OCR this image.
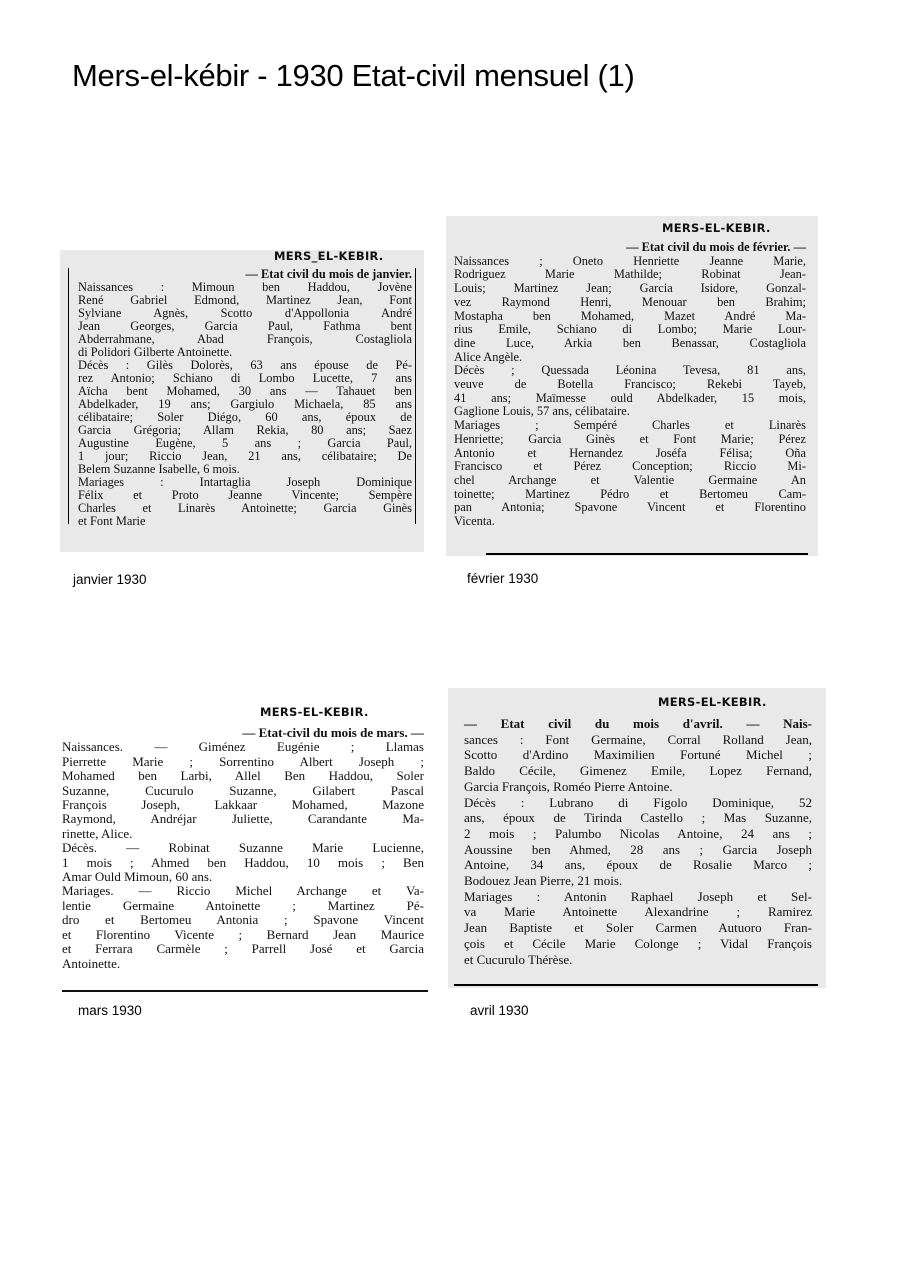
Mers-el-kébir - 1930 Etat-civil mensuel (1)
MERS_EL-KEBIR.
— Etat civil du mois de janvier.
Naissances : Mimoun ben Haddou, Jovène
René Gabriel Edmond, Martinez Jean, Font
Sylviane Agnès, Scotto d'Appollonia André
Jean Georges, Garcia Paul, Fathma bent
Abderrahmane, Abad François, Costagliola
di Polidori Gilberte Antoinette.
Décès : Gilès Dolorès, 63 ans épouse de Pé-
rez Antonio; Schiano di Lombo Lucette, 7 ans
Aïcha bent Mohamed, 30 ans — Tahauet ben
Abdelkader, 19 ans; Gargiulo Michaela, 85 ans
célibataire; Soler Diégo, 60 ans, époux de
Garcia Grégoria; Allam Rekia, 80 ans; Saez
Augustine Eugène, 5 ans ; Garcia Paul,
1 jour; Riccio Jean, 21 ans, célibataire; De
Belem Suzanne Isabelle, 6 mois.
Mariages : Intartaglia Joseph Dominique
Félix et Proto Jeanne Vincente; Sempère
Charles et Linarès Antoinette; Garcia Ginès
et Font Marie
janvier 1930
MERS-EL-KEBIR.
— Etat civil du mois de février. —
Naissances ; Oneto Henriette Jeanne Marie,
Rodriguez Marie Mathilde; Robinat Jean-
Louis; Martinez Jean; Garcia Isidore, Gonzal-
vez Raymond Henri, Menouar ben Brahim;
Mostapha ben Mohamed, Mazet André Ma-
rius Emile, Schiano di Lombo; Marie Lour-
dine Luce, Arkia ben Benassar, Costagliola
Alice Angèle.
Décès ; Quessada Léonina Tevesa, 81 ans,
veuve de Botella Francisco; Rekebi Tayeb,
41 ans; Maïmesse ould Abdelkader, 15 mois,
Gaglione Louis, 57 ans, célibataire.
Mariages ; Sempéré Charles et Linarès
Henriette; Garcia Ginès et Font Marie; Pérez
Antonio et Hernandez Joséfa Félisa; Oña
Francisco et Pérez Conception; Riccio Mi-
chel Archange et Valentie Germaine An
toinette; Martinez Pédro et Bertomeu Cam-
pan Antonia; Spavone Vincent et Florentino
Vicenta.
février 1930
MERS-EL-KEBIR.
— Etat-civil du mois de mars. —
Naissances. — Giménez Eugénie ; Llamas
Pierrette Marie ; Sorrentino Albert Joseph ;
Mohamed ben Larbi, Allel Ben Haddou, Soler
Suzanne, Cucurulo Suzanne, Gilabert Pascal
François Joseph, Lakkaar Mohamed, Mazone
Raymond, Andréjar Juliette, Carandante Ma-
rinette, Alice.
Décès. — Robinat Suzanne Marie Lucienne,
1 mois ; Ahmed ben Haddou, 10 mois ; Ben
Amar Ould Mimoun, 60 ans.
Mariages. — Riccio Michel Archange et Va-
lentie Germaine Antoinette ; Martinez Pé-
dro et Bertomeu Antonia ; Spavone Vincent
et Florentino Vicente ; Bernard Jean Maurice
et Ferrara Carmèle ; Parrell José et Garcia
Antoinette.
mars 1930
MERS-EL-KEBIR.
— Etat civil du mois d'avril. — Nais-
sances : Font Germaine, Corral Rolland Jean,
Scotto d'Ardino Maximilien Fortuné Michel ;
Baldo Cécile, Gimenez Emile, Lopez Fernand,
Garcia François, Roméo Pierre Antoine.
Décès : Lubrano di Figolo Dominique, 52
ans, époux de Tirinda Castello ; Mas Suzanne,
2 mois ; Palumbo Nicolas Antoine, 24 ans ;
Aoussine ben Ahmed, 28 ans ; Garcia Joseph
Antoine, 34 ans, époux de Rosalie Marco ;
Bodouez Jean Pierre, 21 mois.
Mariages : Antonin Raphael Joseph et Sel-
va Marie Antoinette Alexandrine ; Ramirez
Jean Baptiste et Soler Carmen Autuoro Fran-
çois et Cécile Marie Colonge ; Vidal François
et Cucurulo Thérèse.
avril 1930
